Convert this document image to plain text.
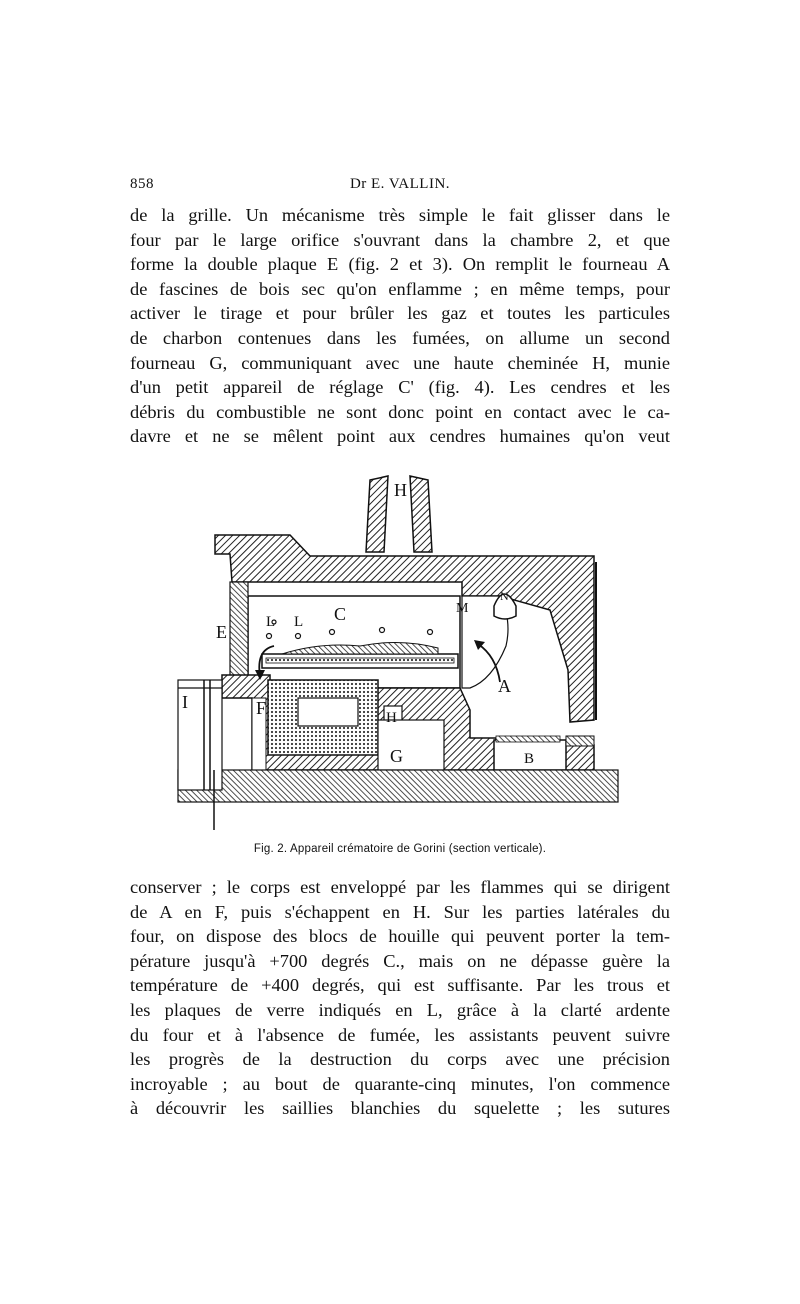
858	Dr E. VALLIN.

de la grille. Un mécanisme très simple le fait glisser dans le
four par le large orifice s'ouvrant dans la chambre 2, et que
forme la double plaque E (fig. 2 et 3). On remplit le fourneau A
de fascines de bois sec qu'on enflamme ; en même temps, pour
activer le tirage et pour brûler les gaz et toutes les particules
de charbon contenues dans les fumées, on allume un second
fourneau G, communiquant avec une haute cheminée H, munie
d'un petit appareil de réglage C' (fig. 4). Les cendres et les
débris du combustible ne sont donc point en contact avec le ca-
davre et ne se mêlent point aux cendres humaines qu'on veut

H
E	L L C	M
N
A
I	F	H
G	B
Fig. 2. Appareil crématoire de Gorini (section verticale).

conserver ; le corps est enveloppé par les flammes qui se dirigent
de A en F, puis s'échappent en H. Sur les parties latérales du
four, on dispose des blocs de houille qui peuvent porter la tem-
pérature jusqu'à +700 degrés C., mais on ne dépasse guère la
température de +400 degrés, qui est suffisante. Par les trous et
les plaques de verre indiqués en L, grâce à la clarté ardente
du four et à l'absence de fumée, les assistants peuvent suivre
les progrès de la destruction du corps avec une précision
incroyable ; au bout de quarante-cinq minutes, l'on commence
à découvrir les saillies blanchies du squelette ; les sutures
